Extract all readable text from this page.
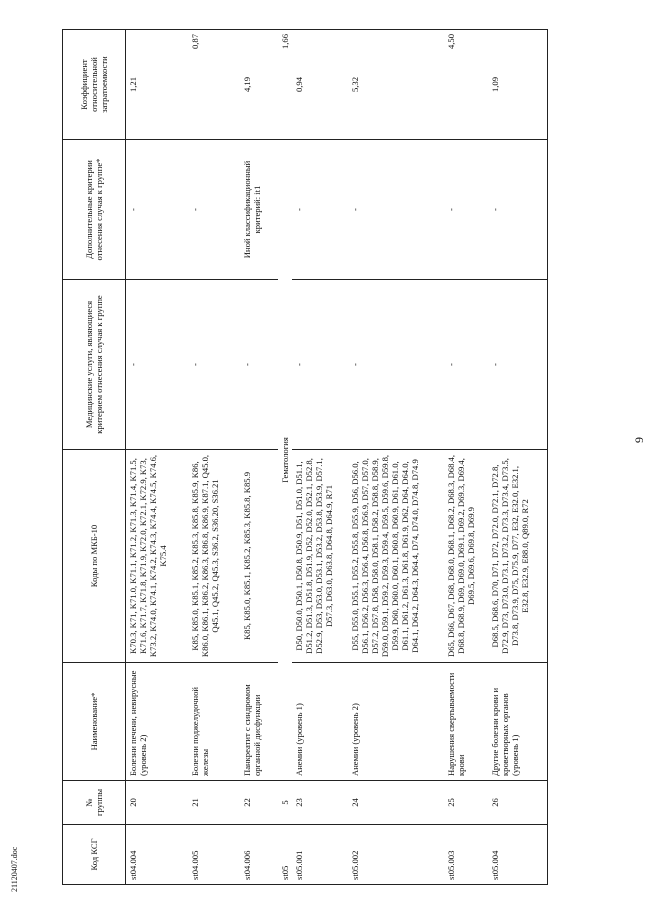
9
Код КСГ	№ группы	Наименование*	Коды по МКБ-10	Медицинские услуги, являющиеся критерием отнесения случая к группе	Дополнительные критерии отнесения случая к группе*	Коэффициент относительной затратоемкости
st04.004	20	Болезни печени, невирусные (уровень 2)	K70.3, K71, K71.0, K71.1, K71.2, K71.3, K71.4, K71.5, K71.6, K71.7, K71.8, K71.9, K72.0, K72.1, K72.9, K73, K73.2, K74.0, K74.1, K74.2, K74.3, K74.4, K74.5, K74.6, K75.4	-	-	1,21
st04.005	21	Болезни поджелудочной железы	K85, K85.0, K85.1, K85.2, K85.3, K85.8, K85.9, K86, K86.0, K86.1, K86.2, K86.3, K86.8, K86.9, K87.1, Q45.0, Q45.1, Q45.2, Q45.3, S36.2, S36.20, S36.21	-	-	0,87
st04.006	22	Панкреатит с синдромом органной дисфункции	K85, K85.0, K85.1, K85.2, K85.3, K85.8, K85.9	-	Иной классификационный критерий: it1	4,19
st05	5	Гематология				1,66
st05.001	23	Анемии (уровень 1)	D50, D50.0, D50.1, D50.8, D50.9, D51, D51.0, D51.1, D51.2, D51.3, D51.8, D51.9, D52, D52.0, D52.1, D52.8, D52.9, D53, D53.0, D53.1, D53.2, D53.8, D53.9, D57.1, D57.3, D63.0, D63.8, D64.8, D64.9, R71	-	-	0,94
st05.002	24	Анемии (уровень 2)	D55, D55.0, D55.1, D55.2, D55.8, D55.9, D56, D56.0, D56.1, D56.2, D56.3, D56.4, D56.8, D56.9, D57, D57.0, D57.2, D57.8, D58, D58.0, D58.1, D58.2, D58.8, D58.9, D59.0, D59.1, D59.2, D59.3, D59.4, D59.5, D59.6, D59.8, D59.9, D60, D60.0, D60.1, D60.8, D60.9, D61, D61.0, D61.1, D61.2, D61.3, D61.8, D61.9, D62, D64, D64.0, D64.1, D64.2, D64.3, D64.4, D74, D74.0, D74.8, D74.9	-	-	5,32
st05.003	25	Нарушения свертываемости крови	D65, D66, D67, D68, D68.0, D68.1, D68.2, D68.3, D68.4, D68.8, D68.9, D69, D69.0, D69.1, D69.2, D69.3, D69.4, D69.5, D69.6, D69.8, D69.9	-	-	4,50
st05.004	26	Другие болезни крови и кроветворных органов (уровень 1)	D68.5, D68.6, D70, D71, D72, D72.0, D72.1, D72.8, D72.9, D73, D73.0, D73.1, D73.2, D73.3, D73.4, D73.5, D73.8, D73.9, D75, D75.9, D77, E32, E32.0, E32.1, E32.8, E32.9, E88.0, Q89.0, R72	-	-	1,09
21120407.doc
